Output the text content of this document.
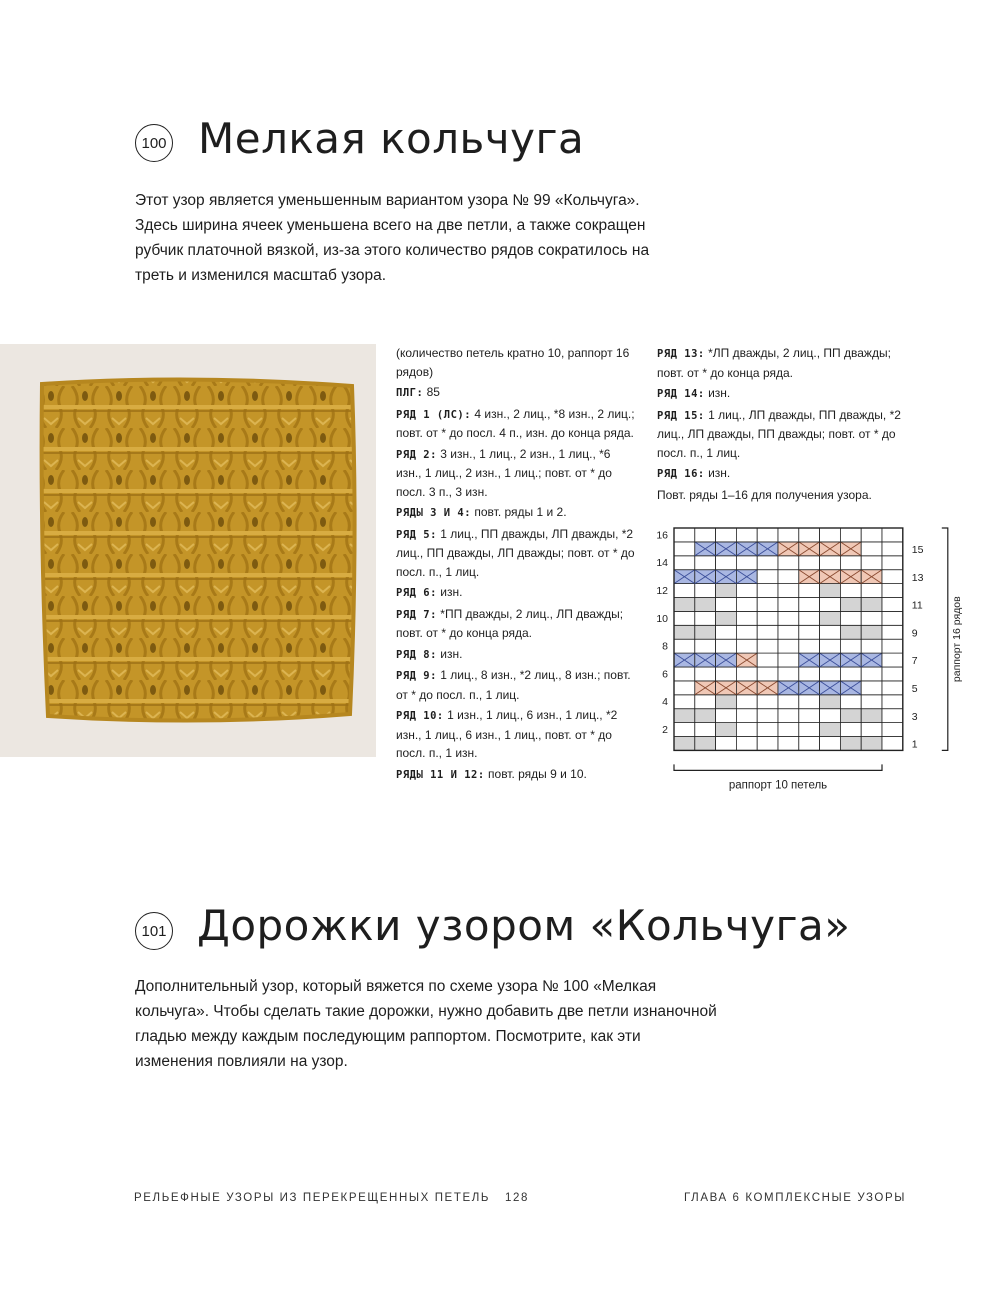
100 Мелкая кольчуга

Этот узор является уменьшенным вариантом узора № 99 «Кольчуга».

Здесь ширина ячеек уменьшена всего на две петли, а также сокращен

рубчик платочной вязкой, из-за этого количество рядов сократилось на

треть и изменился масштаб узора.

(количество петель кратно 10, раппорт 16 рядов)
ПЛГ: 85
РЯД 1 (ЛС): 4 изн., 2 лиц., *8 изн., 2 лиц.; повт. от * до посл. 4 п., изн. до конца ряда.
РЯД 2: 3 изн., 1 лиц., 2 изн., 1 лиц., *6 изн., 1 лиц., 2 изн., 1 лиц.; повт. от * до посл. 3 п., 3 изн.
РЯДЫ 3 И 4: повт. ряды 1 и 2.
РЯД 5: 1 лиц., ПП дважды, ЛП дважды, *2 лиц., ПП дважды, ЛП дважды; повт. от * до посл. п., 1 лиц.
РЯД 6: изн.
РЯД 7: *ПП дважды, 2 лиц., ЛП дважды; повт. от * до конца ряда.
РЯД 8: изн.
РЯД 9: 1 лиц., 8 изн., *2 лиц., 8 изн.; повт. от * до посл. п., 1 лиц.
РЯД 10: 1 изн., 1 лиц., 6 изн., 1 лиц., *2 изн., 1 лиц., 6 изн., 1 лиц., повт. от * до посл. п., 1 изн.
РЯДЫ 11 И 12: повт. ряды 9 и 10.
РЯД 13: *ЛП дважды, 2 лиц., ПП дважды; повт. от * до конца ряда.
РЯД 14: изн.
РЯД 15: 1 лиц., ЛП дважды, ПП дважды, *2 лиц., ЛП дважды, ПП дважды; повт. от * до посл. п., 1 лиц.
РЯД 16: изн.
Повт. ряды 1–16 для получения узора.
16
14
12
10
8
6
4
2
15
13
11
9
7
5
3
1
раппорт 16 рядов
раппорт 10 петель
101 Дорожки узором «Кольчуга»

Дополнительный узор, который вяжется по схеме узора № 100 «Мелкая

кольчуга». Чтобы сделать такие дорожки, нужно добавить две петли изнаночной

гладью между каждым последующим раппортом. Посмотрите, как эти

изменения повлияли на узор.

РЕЛЬЕФНЫЕ УЗОРЫ ИЗ ПЕРЕКРЕЩЕННЫХ ПЕТЕЛЬ 128	ГЛАВА 6 КОМПЛЕКСНЫЕ УЗОРЫ
